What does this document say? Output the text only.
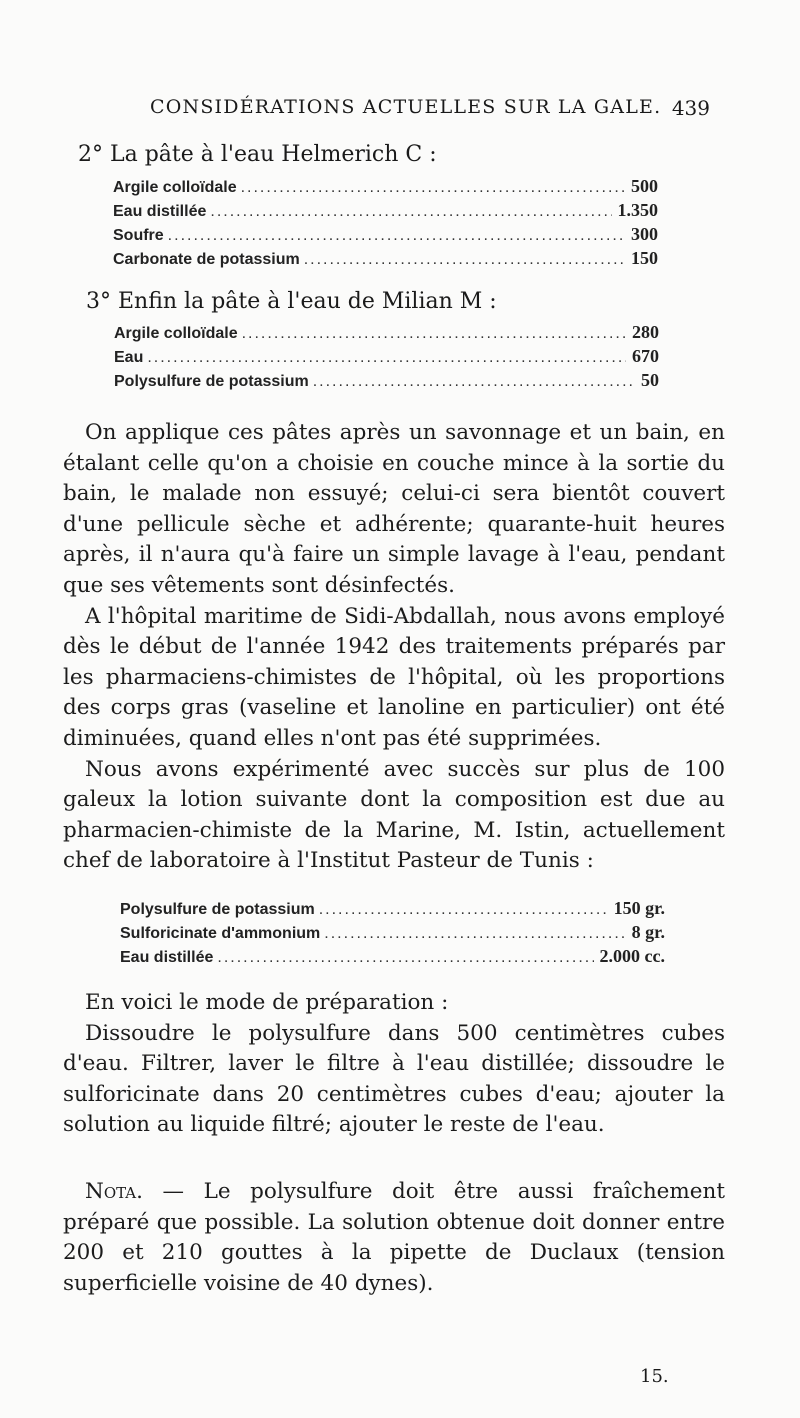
CONSIDÉRATIONS ACTUELLES SUR LA GALE. 439
2° La pâte à l'eau Helmerich C :
Argile colloïdale .....	500
Eau distillée .....	1.350
Soufre .....	300
Carbonate de potassium .....	150
3° Enfin la pâte à l'eau de Milian M :
Argile colloïdale .....	280
Eau .....	670
Polysulfure de potassium .....	50

On applique ces pâtes après un savonnage et un bain, en étalant celle qu'on a choisie en couche mince à la sortie du bain, le malade non essuyé; celui-ci sera bientôt couvert d'une pellicule sèche et adhérente; quarante-huit heures après, il n'aura qu'à faire un simple lavage à l'eau, pendant que ses vêtements sont désinfectés.

A l'hôpital maritime de Sidi-Abdallah, nous avons employé dès le début de l'année 1942 des traitements préparés par les pharmaciens-chimistes de l'hôpital, où les proportions des corps gras (vaseline et lanoline en particulier) ont été diminuées, quand elles n'ont pas été supprimées.

Nous avons expérimenté avec succès sur plus de 100 galeux la lotion suivante dont la composition est due au pharmacien-chimiste de la Marine, M. Istin, actuellement chef de laboratoire à l'Institut Pasteur de Tunis :

Polysulfure de potassium .....	150 gr.
Sulforicinate d'ammonium .....	8 gr.
Eau distillée .....	2.000 cc.

En voici le mode de préparation :

Dissoudre le polysulfure dans 500 centimètres cubes d'eau. Filtrer, laver le filtre à l'eau distillée; dissoudre le sulforicinate dans 20 centimètres cubes d'eau; ajouter la solution au liquide filtré; ajouter le reste de l'eau.

Nota. — Le polysulfure doit être aussi fraîchement préparé que possible. La solution obtenue doit donner entre 200 et 210 gouttes à la pipette de Duclaux (tension superficielle voisine de 40 dynes).

15.
